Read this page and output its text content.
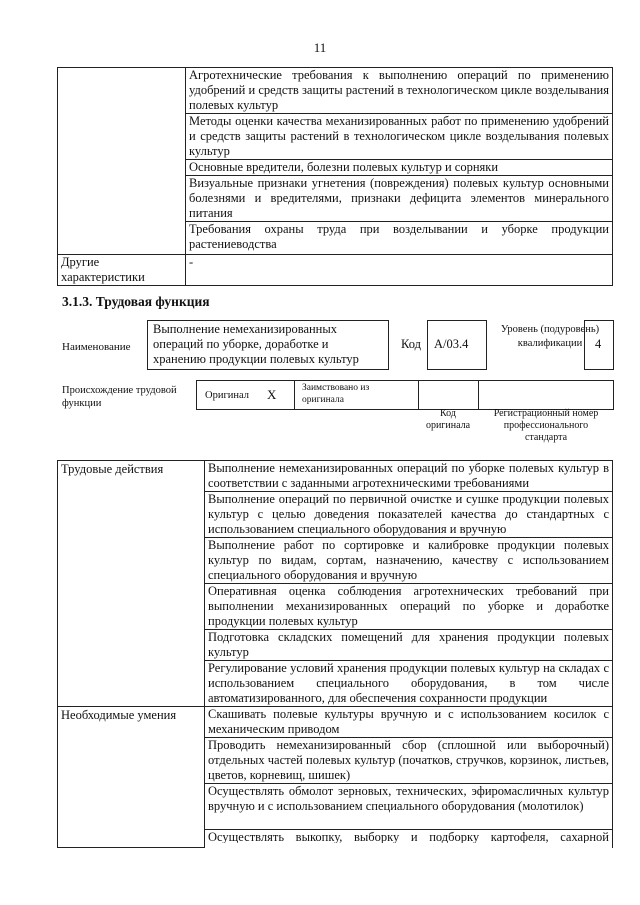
11
	Агротехнические требования к выполнению операций по применению удобрений и средств защиты растений в технологическом цикле возделывания полевых культур
	Методы оценки качества механизированных работ по применению удобрений и средств защиты растений в технологическом цикле возделывания полевых культур
	Основные вредители, болезни полевых культур и сорняки
	Визуальные признаки угнетения (повреждения) полевых культур основными болезнями и вредителями, признаки дефицита элементов минерального питания
	Требования охраны труда при возделывании и уборке продукции растениеводства
Другие характеристики	-
3.1.3. Трудовая функция
Наименование
Выполнение немеханизированных операций по уборке, доработке и хранению продукции полевых культур
Код	А/03.4
Уровень (подуровень) квалификации	4
Происхождение трудовой функции
Оригинал X	Заимствовано из оригинала
Код оригинала
Регистрационный номер профессионального стандарта
Трудовые действия	Выполнение немеханизированных операций по уборке полевых культур в соответствии с заданными агротехническими требованиями
	Выполнение операций по первичной очистке и сушке продукции полевых культур с целью доведения показателей качества до стандартных с использованием специального оборудования и вручную
	Выполнение работ по сортировке и калибровке продукции полевых культур по видам, сортам, назначению, качеству с использованием специального оборудования и вручную
	Оперативная оценка соблюдения агротехнических требований при выполнении механизированных операций по уборке и доработке продукции полевых культур
	Подготовка складских помещений для хранения продукции полевых культур
	Регулирование условий хранения продукции полевых культур на складах с использованием специального оборудования, в том числе автоматизированного, для обеспечения сохранности продукции
Необходимые умения	Скашивать полевые культуры вручную и с использованием косилок с механическим приводом
	Проводить немеханизированный сбор (сплошной или выборочный) отдельных частей полевых культур (початков, стручков, корзинок, листьев, цветов, корневищ, шишек)
	Осуществлять обмолот зерновых, технических, эфиромасличных культур вручную и с использованием специального оборудования (молотилок)

	Осуществлять выкопку, выборку и подборку картофеля, сахарной
